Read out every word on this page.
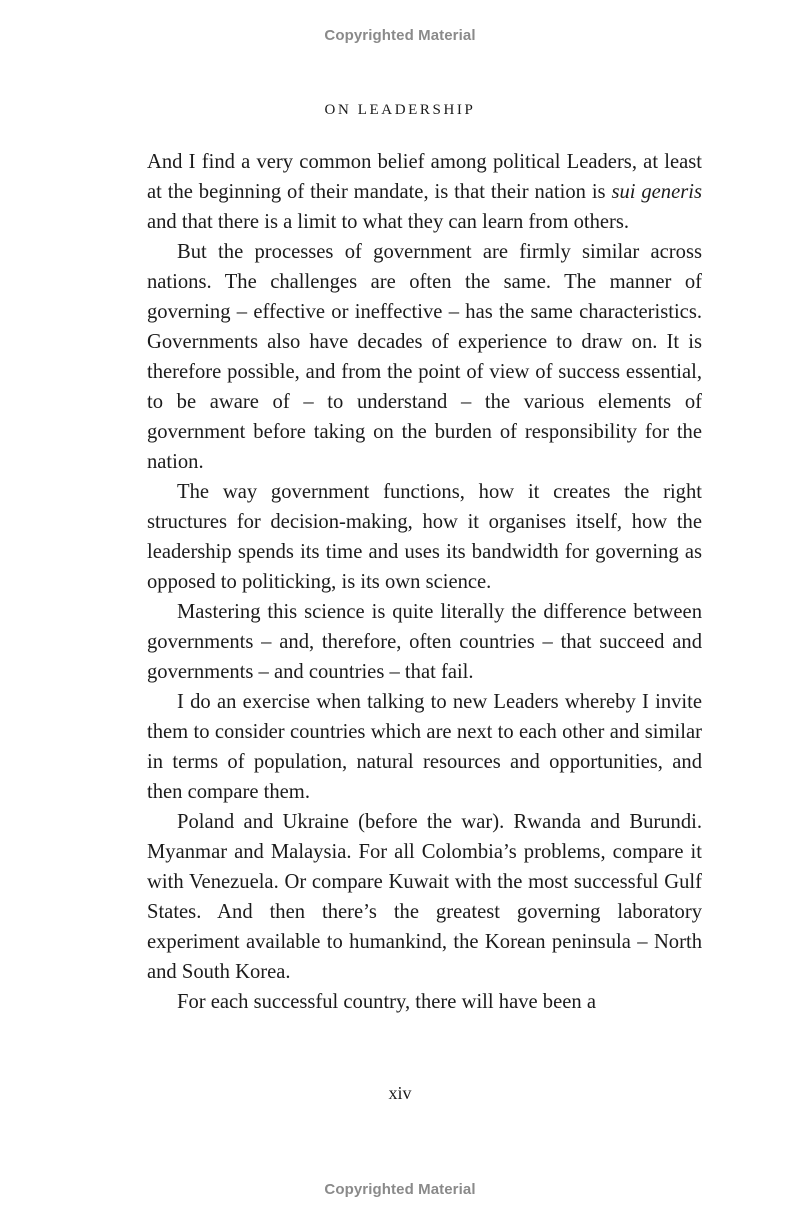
Copyrighted Material
ON LEADERSHIP

And I find a very common belief among political Leaders, at least at the beginning of their mandate, is that their nation is sui generis and that there is a limit to what they can learn from others.

But the processes of government are firmly similar across nations. The challenges are often the same. The manner of governing – effective or ineffective – has the same characteristics. Governments also have decades of experience to draw on. It is therefore possible, and from the point of view of success essential, to be aware of – to understand – the various elements of government before taking on the burden of responsibility for the nation.

The way government functions, how it creates the right structures for decision-making, how it organises itself, how the leadership spends its time and uses its bandwidth for governing as opposed to politicking, is its own science.

Mastering this science is quite literally the difference between governments – and, therefore, often countries – that succeed and governments – and countries – that fail.

I do an exercise when talking to new Leaders whereby I invite them to consider countries which are next to each other and similar in terms of population, natural resources and opportunities, and then compare them.

Poland and Ukraine (before the war). Rwanda and Burundi. Myanmar and Malaysia. For all Colombia’s problems, compare it with Venezuela. Or compare Kuwait with the most successful Gulf States. And then there’s the greatest governing laboratory experiment available to humankind, the Korean peninsula – North and South Korea.

For each successful country, there will have been a

xiv
Copyrighted Material
